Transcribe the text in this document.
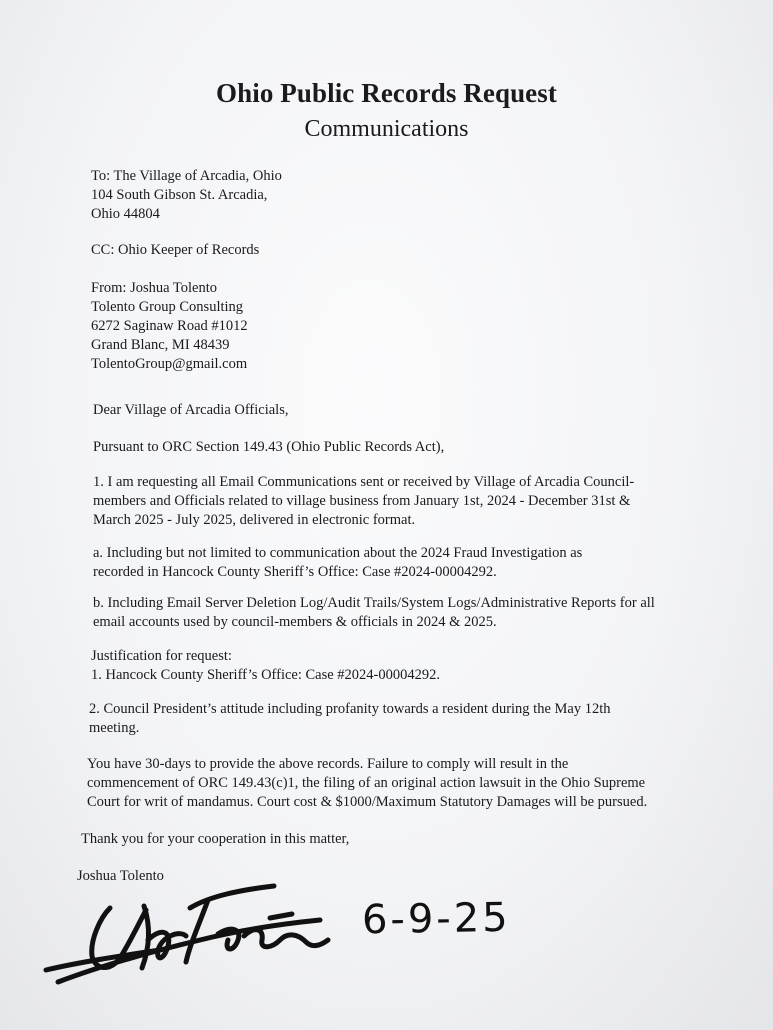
Ohio Public Records Request
Communications
To: The Village of Arcadia, Ohio
104 South Gibson St. Arcadia,
Ohio 44804
CC: Ohio Keeper of Records
From: Joshua Tolento
Tolento Group Consulting
6272 Saginaw Road #1012
Grand Blanc, MI 48439
TolentoGroup@gmail.com
Dear Village of Arcadia Officials,
Pursuant to ORC Section 149.43 (Ohio Public Records Act),
1. I am requesting all Email Communications sent or received by Village of Arcadia Council-
members and Officials related to village business from January 1st, 2024 - December 31st &
March 2025 - July 2025, delivered in electronic format.
a. Including but not limited to communication about the 2024 Fraud Investigation as
recorded in Hancock County Sheriff’s Office: Case #2024-00004292.
b. Including Email Server Deletion Log/Audit Trails/System Logs/Administrative Reports for all
email accounts used by council-members & officials in 2024 & 2025.
Justification for request:
1. Hancock County Sheriff’s Office: Case #2024-00004292.
2. Council President’s attitude including profanity towards a resident during the May 12th
meeting.
You have 30-days to provide the above records. Failure to comply will result in the
commencement of ORC 149.43(c)1, the filing of an original action lawsuit in the Ohio Supreme
Court for writ of mandamus. Court cost & $1000/Maximum Statutory Damages will be pursued.
Thank you for your cooperation in this matter,
Joshua Tolento
6-9-25
